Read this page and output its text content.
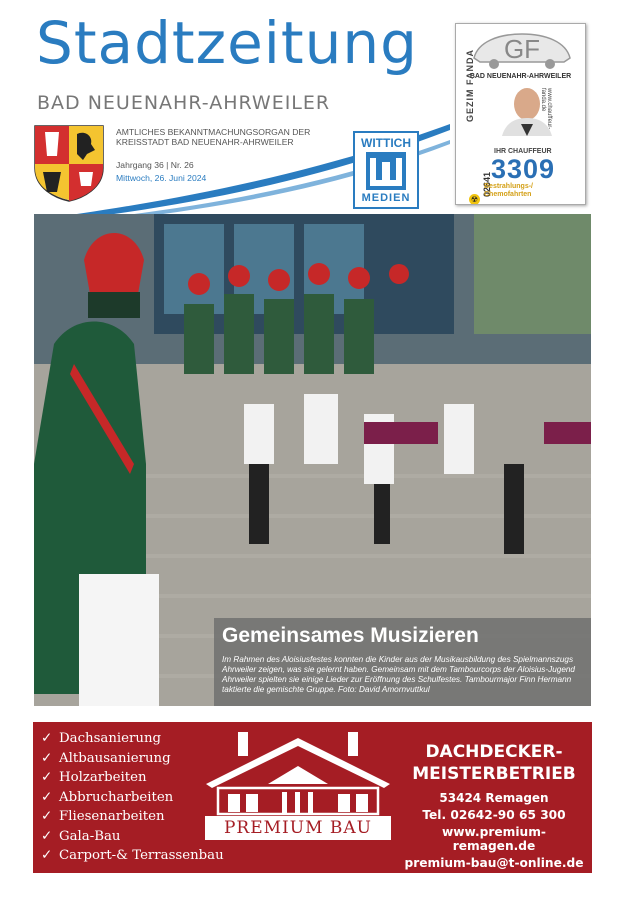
Stadtzeitung
BAD NEUENAHR-AHRWEILER
AMTLICHES BEKANNTMACHUNGSORGAN DER
KREISSTADT BAD NEUENAHR-AHRWEILER
Jahrgang 36 | Nr. 26
Mittwoch, 26. Juni 2024
WITTICH
MEDIEN
GF
BAD NEUENAHR-AHRWEILER
GEZIM FANDA
02641
www.chauffeur-fanda.de
IHR CHAUFFEUR
3309
☢
Bestrahlungs-/
Chemofahrten
Gemeinsames Musizieren
Im Rahmen des Aloisiusfestes konnten die Kinder aus der Musikausbildung des Spielmannszugs Ahrweiler zeigen, was sie gelernt haben. Gemeinsam mit dem Tambourcorps der Aloisius-Jugend Ahrweiler spielten sie einige Lieder zur Eröffnung des Schulfestes. Tambourmajor Finn Hermann taktierte die gemischte Gruppe. Foto: David Amornvuttkul
✓ Dachsanierung
✓ Altbausanierung
✓ Holzarbeiten
✓ Abbrucharbeiten
✓ Fliesenarbeiten
✓ Gala-Bau
✓ Carport-& Terrassenbau
PREMIUM BAU
DACHDECKER-
MEISTERBETRIEB
53424 Remagen
Tel. 02642-90 65 300
www.premium-remagen.de
premium-bau@t-online.de
